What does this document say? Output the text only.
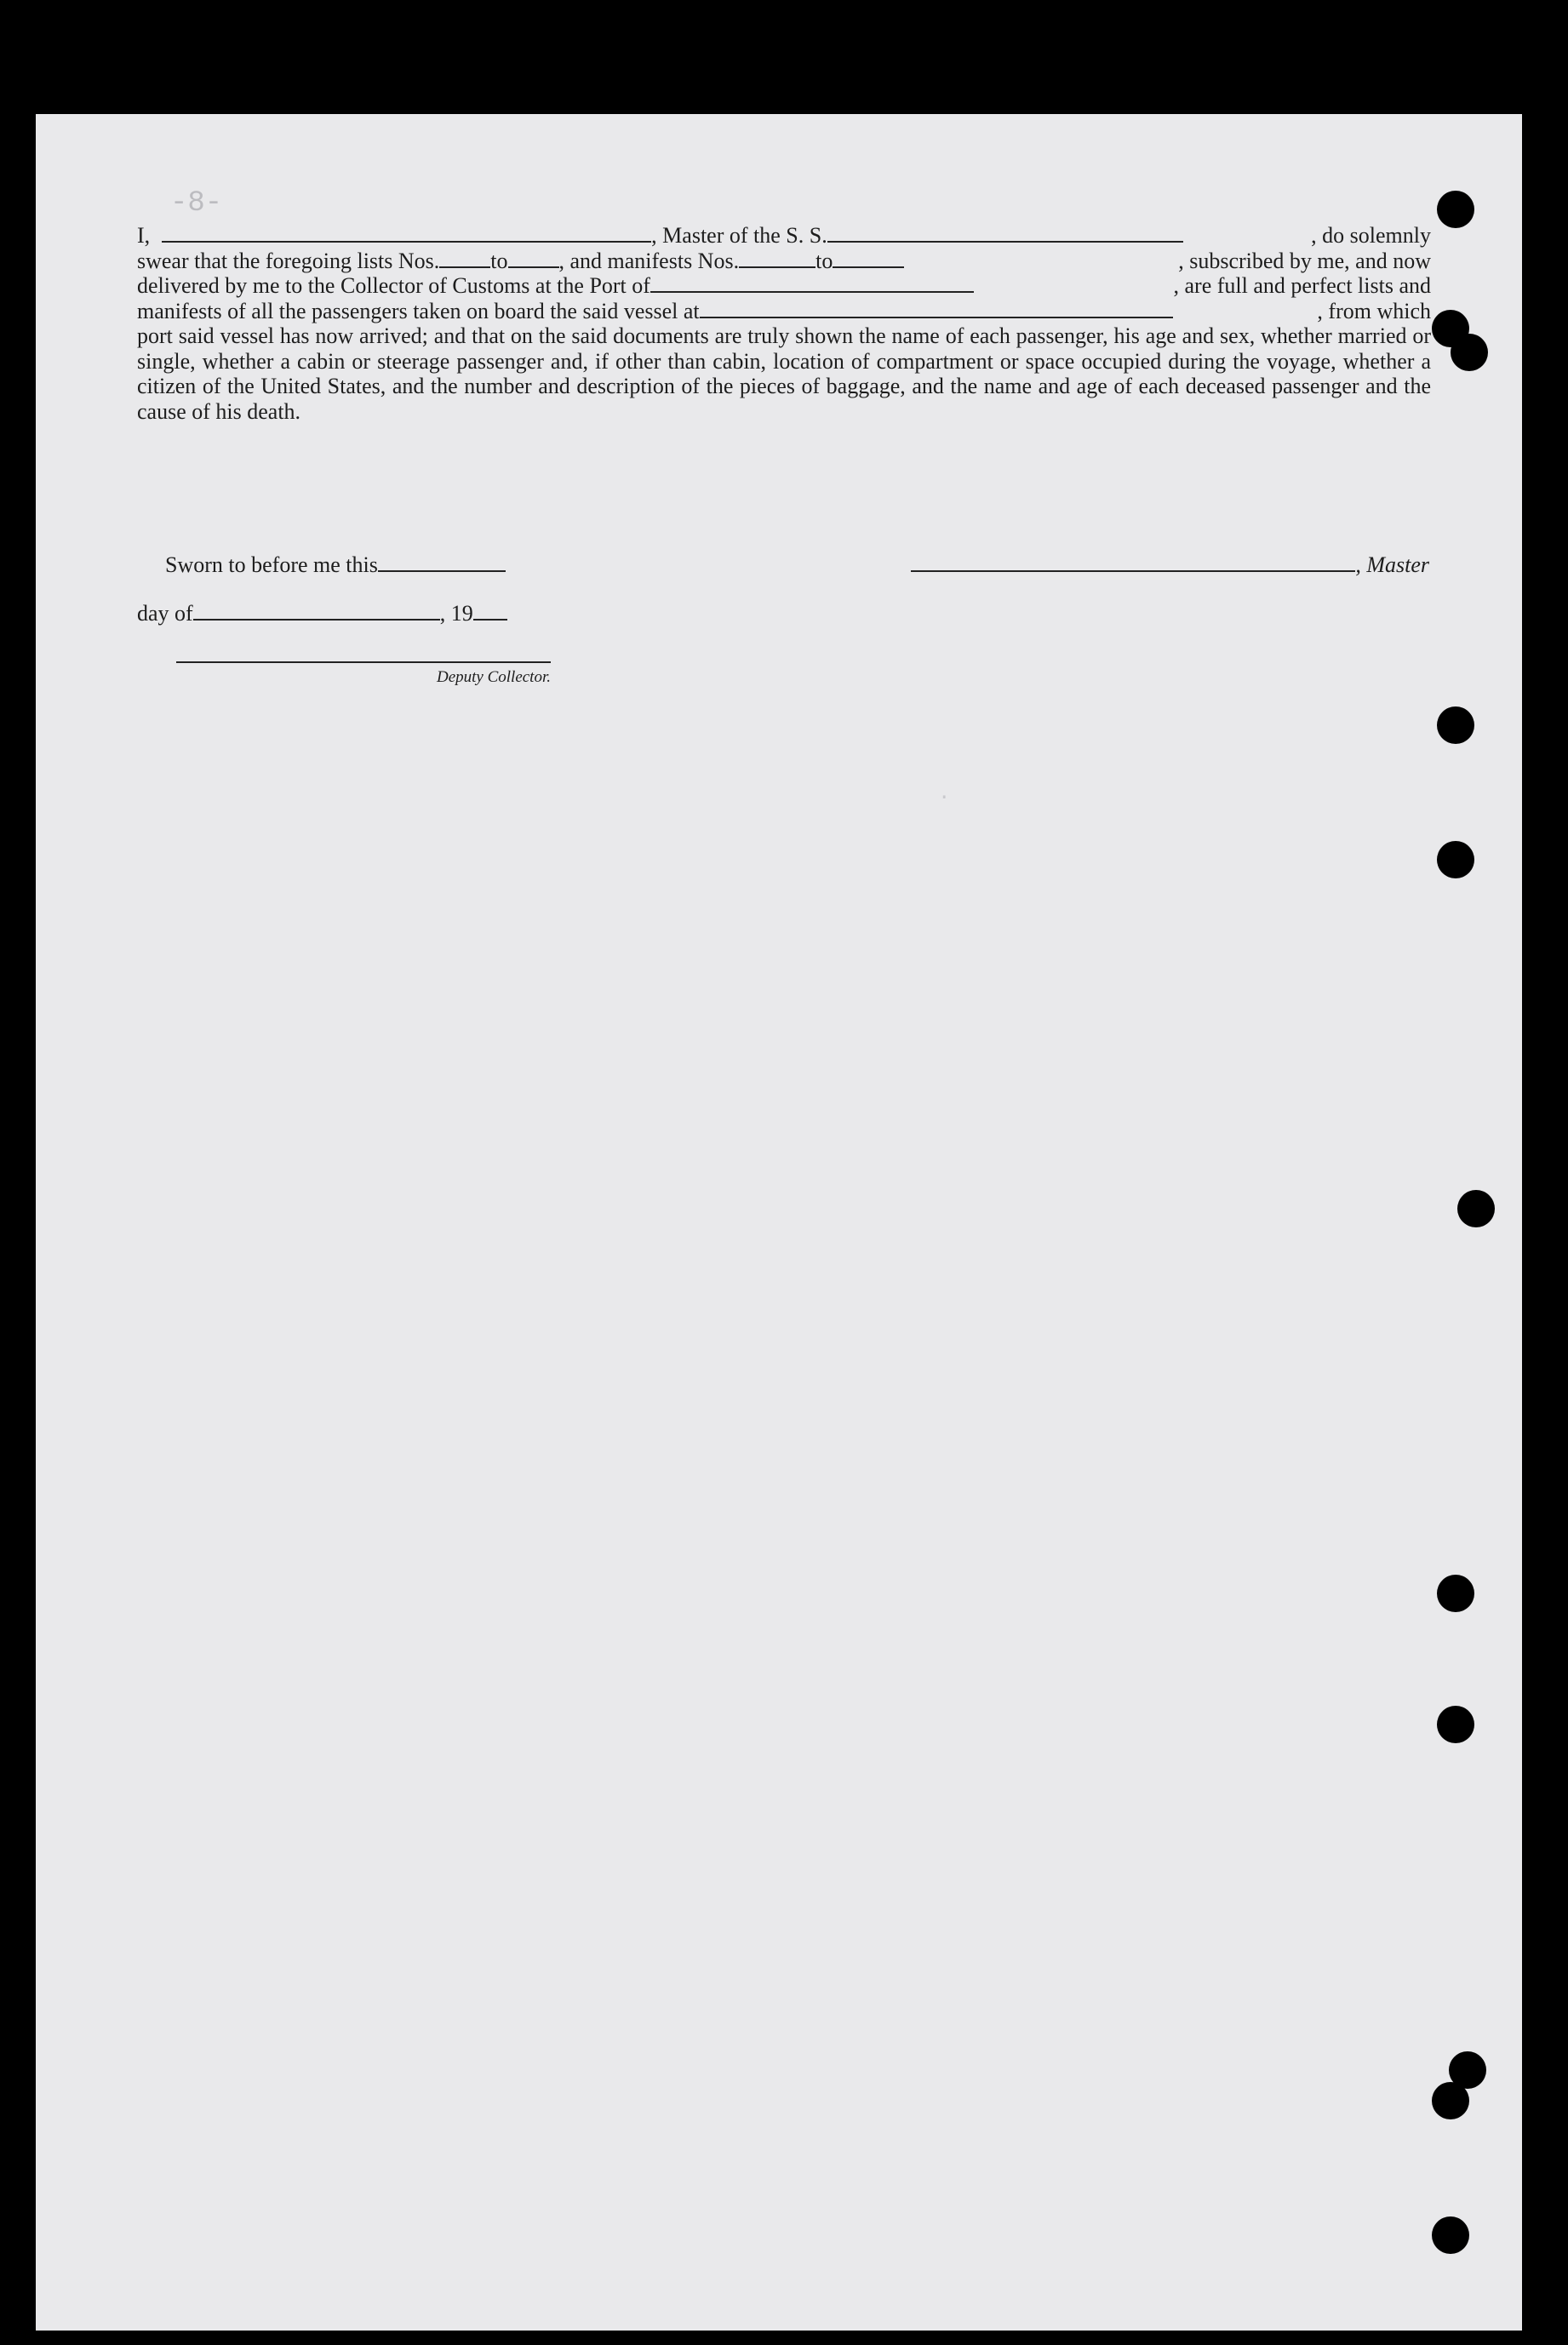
-8-
I,	, Master of the S. S.	, do solemnly
swear that the foregoing lists Nos. to , and manifests Nos.	to	, subscribed by me, and now
delivered by me to the Collector of Customs at the Port of	, are full and perfect lists and
manifests of all the passengers taken on board the said vessel at	, from which
port said vessel has now arrived; and that on the said documents are truly shown the name of each passenger, his age and sex, whether married or single, whether a cabin or steerage passenger and, if other than cabin, location of compartment or space occupied during the voyage, whether a citizen of the United States, and the number and description of the pieces of baggage, and the name and age of each deceased passenger and the cause of his death.
Sworn to before me this	, Master
day of	, 19
Deputy Collector.
·
